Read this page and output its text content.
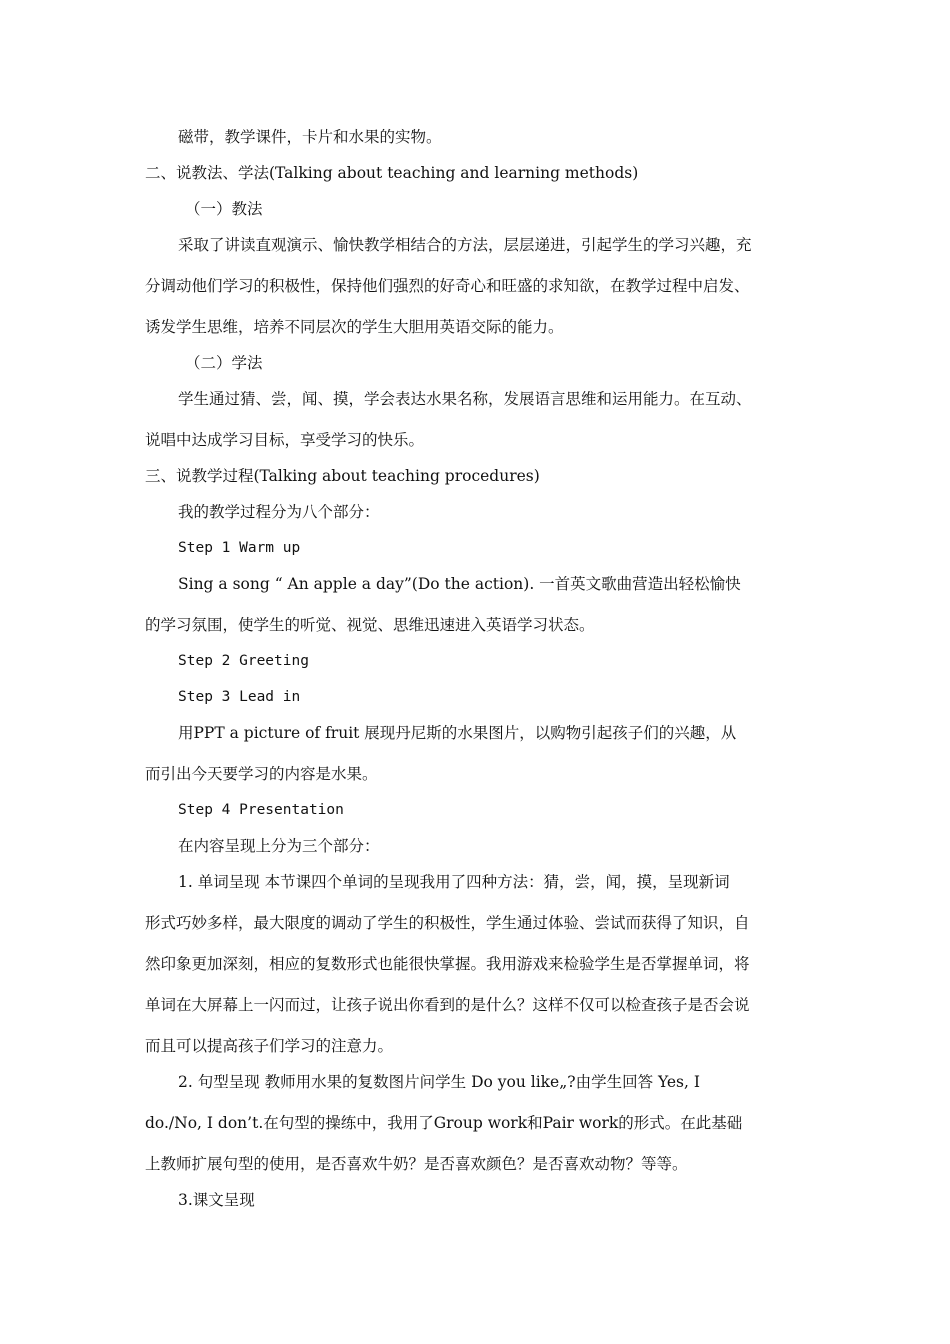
磁带，教学课件，卡片和水果的实物。
二、说教法、学法(Talking about teaching and learning methods)
（一）教法
采取了讲读直观演示、愉快教学相结合的方法，层层递进，引起学生的学习兴趣，充
分调动他们学习的积极性，保持他们强烈的好奇心和旺盛的求知欲，在教学过程中启发、
诱发学生思维，培养不同层次的学生大胆用英语交际的能力。
（二）学法
学生通过猜、尝，闻、摸，学会表达水果名称，发展语言思维和运用能力。在互动、
说唱中达成学习目标，享受学习的快乐。
三、说教学过程(Talking about teaching procedures)
我的教学过程分为八个部分：
Step 1 Warm up
Sing a song “ An apple a day”(Do the action). 一首英文歌曲营造出轻松愉快
的学习氛围，使学生的听觉、视觉、思维迅速进入英语学习状态。
Step 2 Greeting
Step 3 Lead in
用PPT a picture of fruit 展现丹尼斯的水果图片，以购物引起孩子们的兴趣，从
而引出今天要学习的内容是水果。
Step 4 Presentation
在内容呈现上分为三个部分：
1. 单词呈现 本节课四个单词的呈现我用了四种方法：猜，尝，闻，摸，呈现新词
形式巧妙多样，最大限度的调动了学生的积极性，学生通过体验、尝试而获得了知识，自
然印象更加深刻，相应的复数形式也能很快掌握。我用游戏来检验学生是否掌握单词，将
单词在大屏幕上一闪而过，让孩子说出你看到的是什么？这样不仅可以检查孩子是否会说
而且可以提高孩子们学习的注意力。
2. 句型呈现 教师用水果的复数图片问学生 Do you like„?由学生回答 Yes, I
do./No, I don’t.在句型的操练中，我用了Group work和Pair work的形式。在此基础
上教师扩展句型的使用，是否喜欢牛奶？是否喜欢颜色？是否喜欢动物？等等。
3.课文呈现
